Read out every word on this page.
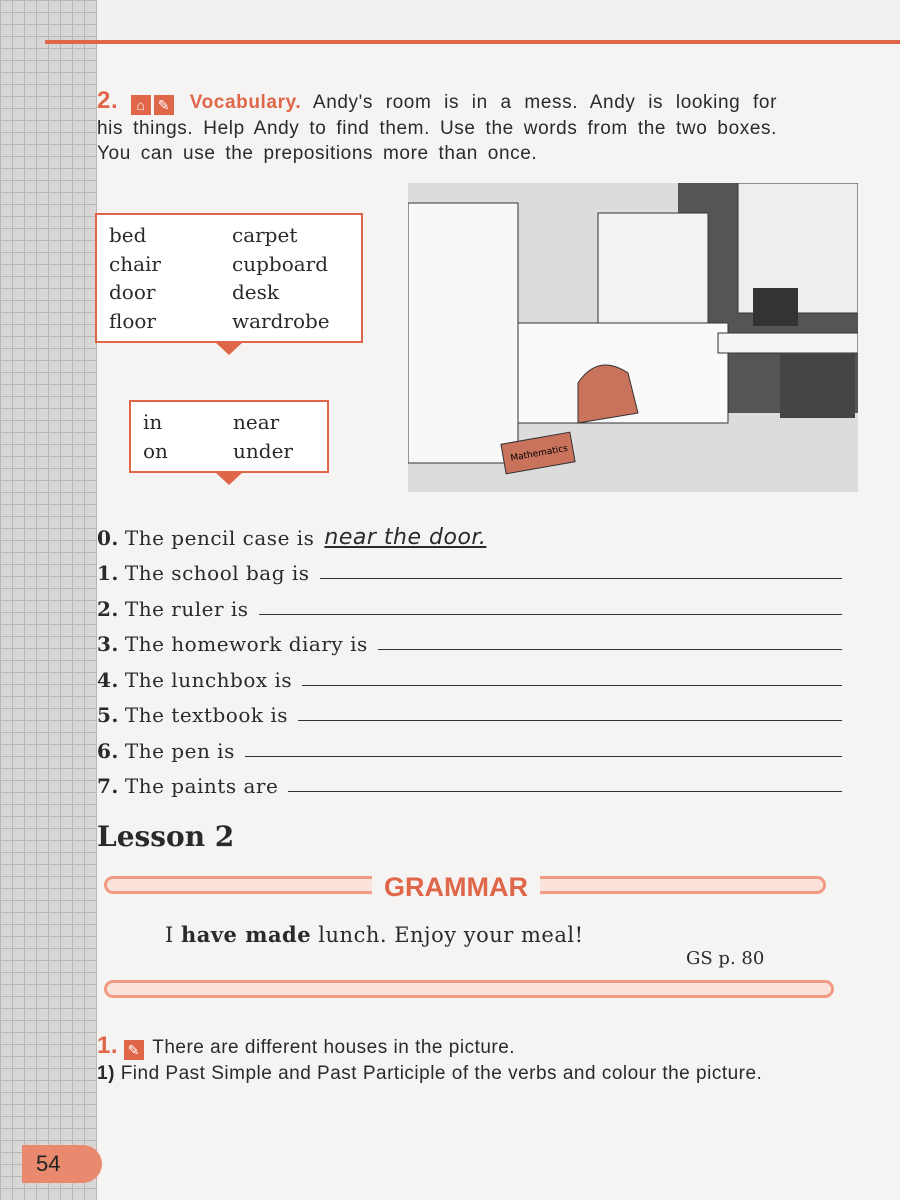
2. ⌂ ✎ Vocabulary. Andy's room is in a mess. Andy is looking for his things. Help Andy to find them. Use the words from the two boxes. You can use the prepositions more than once.
bed	carpet
chair	cupboard
door	desk
floor	wardrobe
in	near
on	under	Mathematics
0. The pencil case is near the door.
1. The school bag is
2. The ruler is
3. The homework diary is
4. The lunchbox is
5. The textbook is
6. The pen is
7. The paints are
Lesson 2
GRAMMAR
I have made lunch. Enjoy your meal!
GS p. 80
1. ✎ There are different houses in the picture.
1) Find Past Simple and Past Participle of the verbs and colour the picture.
54
